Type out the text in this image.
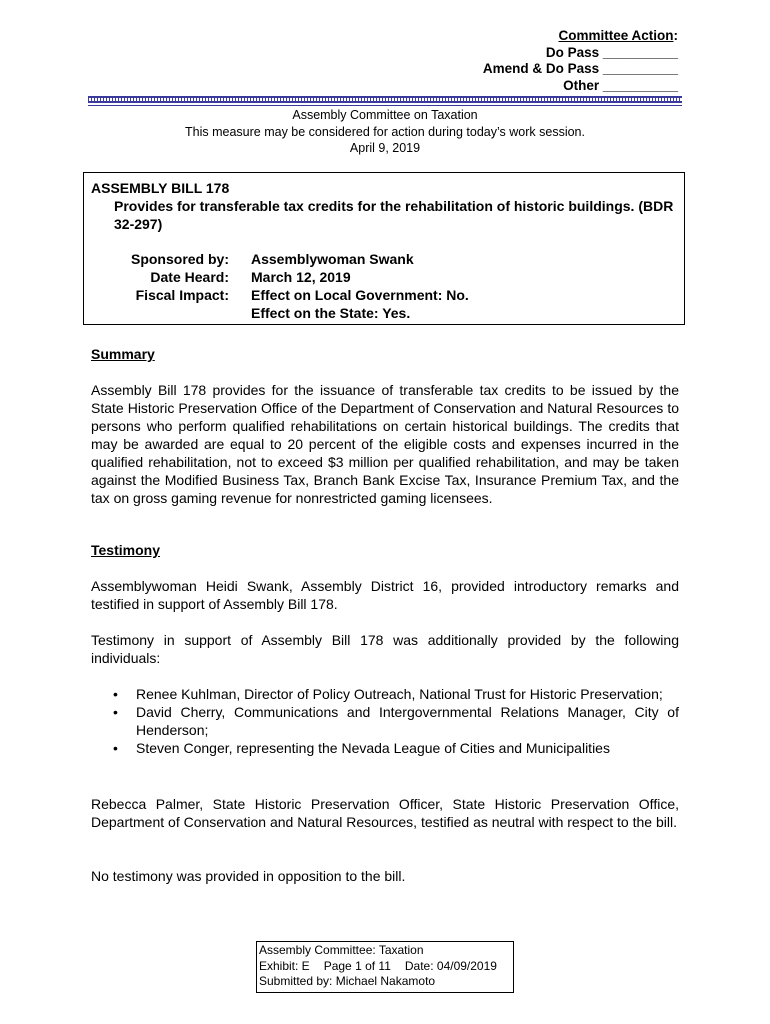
Committee Action:
Do Pass __________
Amend & Do Pass __________
Other __________
Assembly Committee on Taxation
This measure may be considered for action during today’s work session.
April 9, 2019
ASSEMBLY BILL 178
Provides for transferable tax credits for the rehabilitation of historic buildings. (BDR 32-297)
Sponsored by: Assemblywoman Swank
Date Heard: March 12, 2019
Fiscal Impact: Effect on Local Government: No.
Effect on the State: Yes.
Summary
Assembly Bill 178 provides for the issuance of transferable tax credits to be issued by the State Historic Preservation Office of the Department of Conservation and Natural Resources to persons who perform qualified rehabilitations on certain historical buildings. The credits that may be awarded are equal to 20 percent of the eligible costs and expenses incurred in the qualified rehabilitation, not to exceed $3 million per qualified rehabilitation, and may be taken against the Modified Business Tax, Branch Bank Excise Tax, Insurance Premium Tax, and the tax on gross gaming revenue for nonrestricted gaming licensees.
Testimony
Assemblywoman Heidi Swank, Assembly District 16, provided introductory remarks and testified in support of Assembly Bill 178.
Testimony in support of Assembly Bill 178 was additionally provided by the following individuals:
• Renee Kuhlman, Director of Policy Outreach, National Trust for Historic Preservation;
• David Cherry, Communications and Intergovernmental Relations Manager, City of Henderson;
• Steven Conger, representing the Nevada League of Cities and Municipalities
Rebecca Palmer, State Historic Preservation Officer, State Historic Preservation Office, Department of Conservation and Natural Resources, testified as neutral with respect to the bill.
No testimony was provided in opposition to the bill.
Assembly Committee: Taxation
Exhibit: E Page 1 of 11 Date: 04/09/2019
Submitted by: Michael Nakamoto
